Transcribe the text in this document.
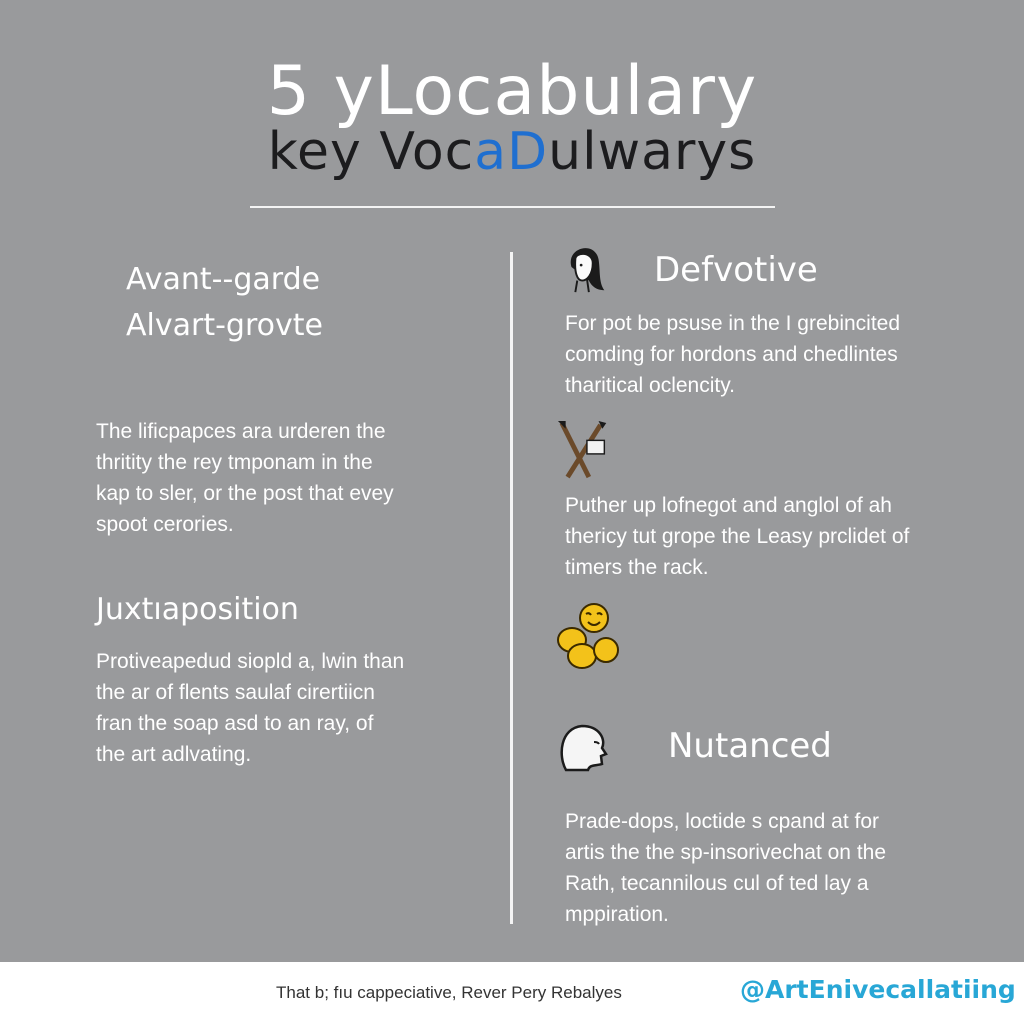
5 yLocabulary
key VocaDulwarys
Avant--garde
Alvart-grovte
The lificpapces ara urderen the
thritity the rey tmponam in the
kap to sler, or the post that evey
spoot cerories.
Juxtıaposition
Protiveapedud siopld a, lwin than
the ar of flents saulaf cirertiicn
fran the soap asd to an ray, of
the art adlvating.
Defvotive
For pot be psuse in the I grebincited
comding for hordons and chedlintes
tharitical oclencity.
Puther up lofnegot and anglol of ah
thericy tut grope the Leasy prclidet of
timers the rack.
Nutanced
Prade-dops, loctide s cpand at for
artis the the sp-insorivechat on the
Rath, tecannilous cul of ted lay a
mppiration.
That b; fıu cappeciative, Rever Pery Rebalyes	@ArtEnivecallatiing
